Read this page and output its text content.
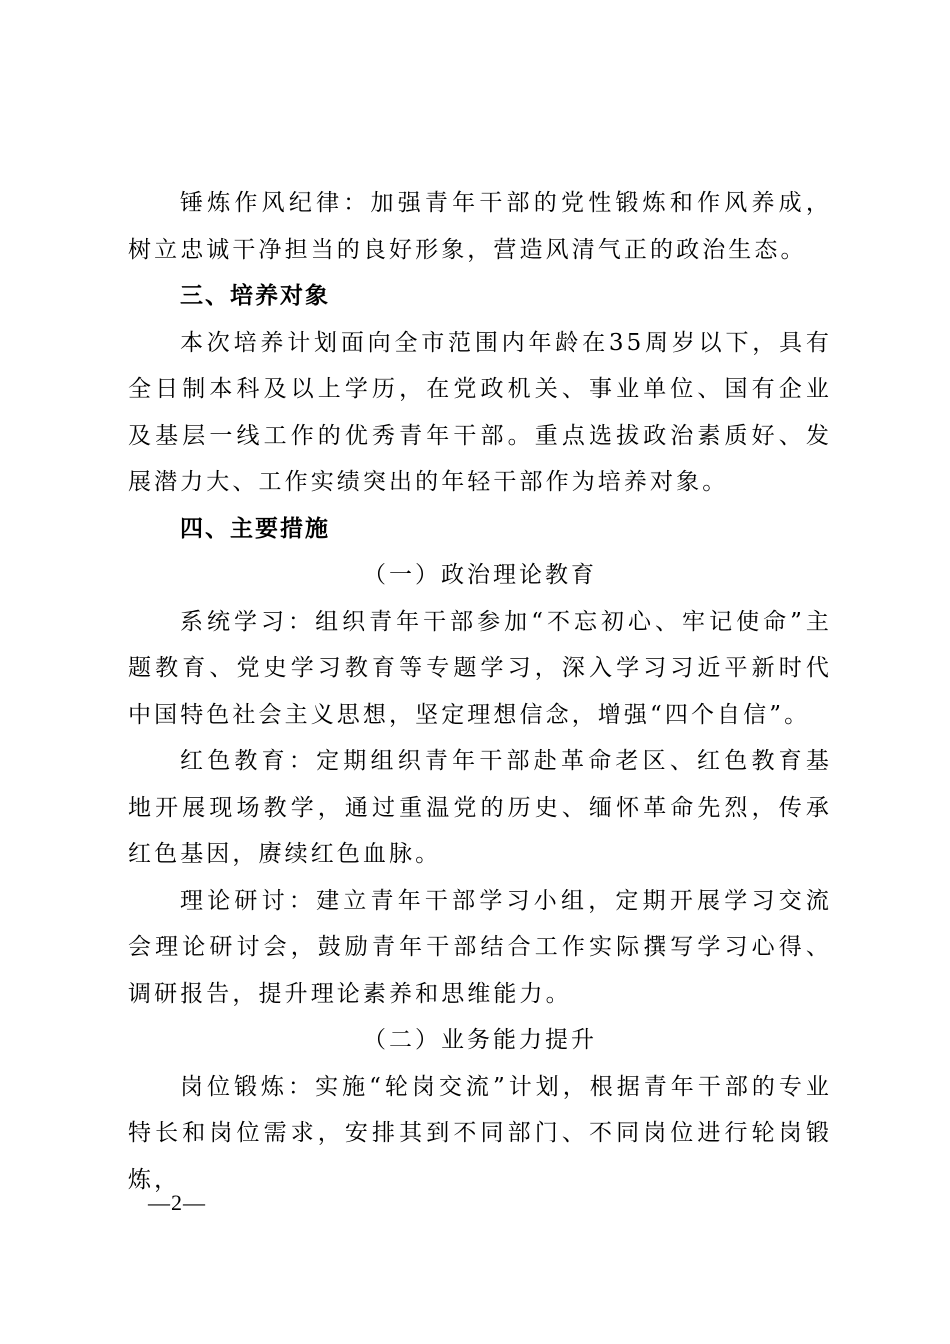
锤炼作风纪律：加强青年干部的党性锻炼和作风养成，树立忠诚干净担当的良好形象，营造风清气正的政治生态。

三、培养对象

本次培养计划面向全市范围内年龄在35周岁以下，具有全日制本科及以上学历，在党政机关、事业单位、国有企业及基层一线工作的优秀青年干部。重点选拔政治素质好、发展潜力大、工作实绩突出的年轻干部作为培养对象。

四、主要措施

（一）政治理论教育

系统学习：组织青年干部参加“不忘初心、牢记使命”主题教育、党史学习教育等专题学习，深入学习习近平新时代中国特色社会主义思想，坚定理想信念，增强“四个自信”。

红色教育：定期组织青年干部赴革命老区、红色教育基地开展现场教学，通过重温党的历史、缅怀革命先烈，传承红色基因，赓续红色血脉。

理论研讨：建立青年干部学习小组，定期开展学习交流会理论研讨会，鼓励青年干部结合工作实际撰写学习心得、调研报告，提升理论素养和思维能力。

（二）业务能力提升

岗位锻炼：实施“轮岗交流”计划，根据青年干部的专业特长和岗位需求，安排其到不同部门、不同岗位进行轮岗锻炼，

—2—
